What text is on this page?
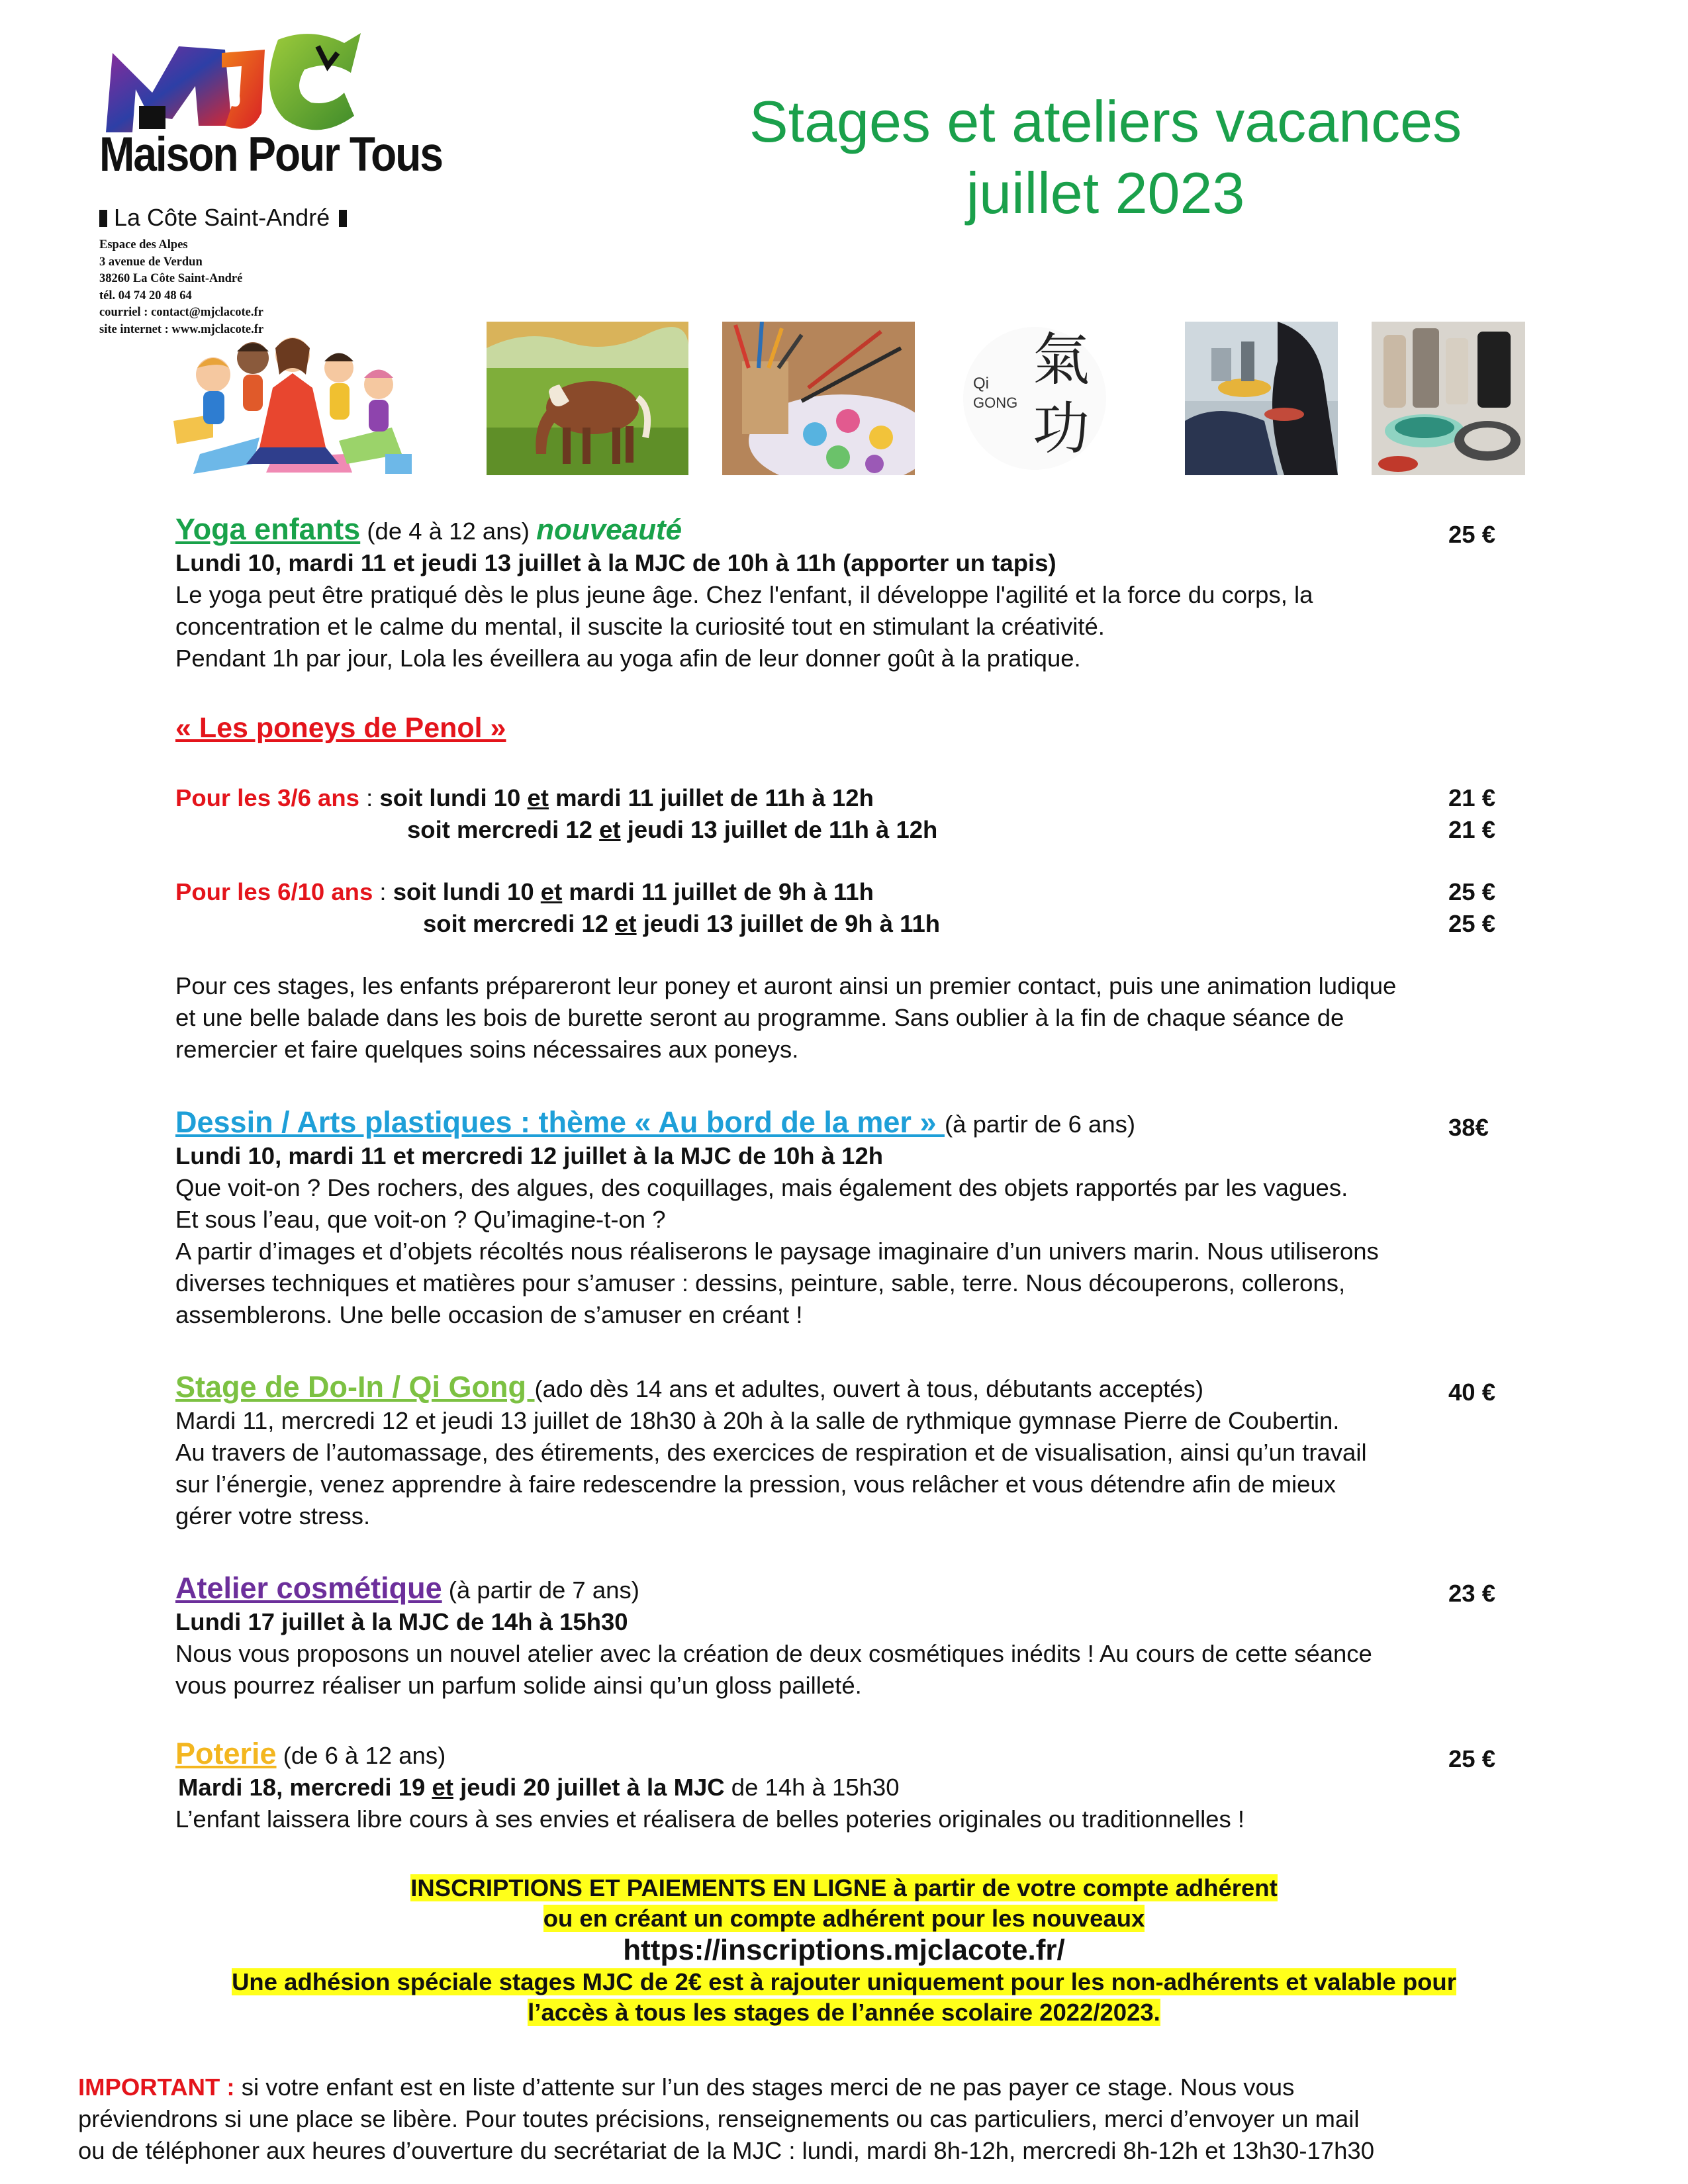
Maison Pour Tous
La Côte Saint-André
Espace des Alpes
3 avenue de Verdun
38260 La Côte Saint-André
tél. 04 74 20 48 64
courriel : contact@mjclacote.fr
site internet : www.mjclacote.fr
Stages et ateliers vacances
juillet 2023
Qi
GONG
氣
功

Yoga enfants (de 4 à 12 ans) nouveauté

Lundi 10, mardi 11 et jeudi 13 juillet à la MJC de 10h à 11h (apporter un tapis)

Le yoga peut être pratiqué dès le plus jeune âge. Chez l'enfant, il développe l'agilité et la force du corps, la

concentration et le calme du mental, il suscite la curiosité tout en stimulant la créativité.

Pendant 1h par jour, Lola les éveillera au yoga afin de leur donner goût à la pratique.

25 €

« Les poneys de Penol »

Pour les 3/6 ans : soit lundi 10 et mardi 11 juillet de 11h à 12h

soit mercredi 12 et jeudi 13 juillet de 11h à 12h

21 €
21 €

Pour les 6/10 ans : soit lundi 10 et mardi 11 juillet de 9h à 11h

soit mercredi 12 et jeudi 13 juillet de 9h à 11h

25 €
25 €

Pour ces stages, les enfants prépareront leur poney et auront ainsi un premier contact, puis une animation ludique

et une belle balade dans les bois de burette seront au programme. Sans oublier à la fin de chaque séance de

remercier et faire quelques soins nécessaires aux poneys.

Dessin / Arts plastiques : thème « Au bord de la mer » (à partir de 6 ans)

Lundi 10, mardi 11 et mercredi 12 juillet à la MJC de 10h à 12h

Que voit-on ? Des rochers, des algues, des coquillages, mais également des objets rapportés par les vagues.

Et sous l’eau, que voit-on ? Qu’imagine-t-on ?

A partir d’images et d’objets récoltés nous réaliserons le paysage imaginaire d’un univers marin. Nous utiliserons

diverses techniques et matières pour s’amuser : dessins, peinture, sable, terre. Nous découperons, collerons,

assemblerons. Une belle occasion de s’amuser en créant !

38€

Stage de Do-In / Qi Gong (ado dès 14 ans et adultes, ouvert à tous, débutants acceptés)

Mardi 11, mercredi 12 et jeudi 13 juillet de 18h30 à 20h à la salle de rythmique gymnase Pierre de Coubertin.

Au travers de l’automassage, des étirements, des exercices de respiration et de visualisation, ainsi qu’un travail

sur l’énergie, venez apprendre à faire redescendre la pression, vous relâcher et vous détendre afin de mieux

gérer votre stress.

40 €

Atelier cosmétique (à partir de 7 ans)

Lundi 17 juillet à la MJC de 14h à 15h30

Nous vous proposons un nouvel atelier avec la création de deux cosmétiques inédits ! Au cours de cette séance

vous pourrez réaliser un parfum solide ainsi qu’un gloss pailleté.

23 €

Poterie (de 6 à 12 ans)

Mardi 18, mercredi 19 et jeudi 20 juillet à la MJC de 14h à 15h30

L’enfant laissera libre cours à ses envies et réalisera de belles poteries originales ou traditionnelles !

25 €
INSCRIPTIONS ET PAIEMENTS EN LIGNE à partir de votre compte adhérent
ou en créant un compte adhérent pour les nouveaux
https://inscriptions.mjclacote.fr/
Une adhésion spéciale stages MJC de 2€ est à rajouter uniquement pour les non-adhérents et valable pour
l’accès à tous les stages de l’année scolaire 2022/2023.
IMPORTANT : si votre enfant est en liste d’attente sur l’un des stages merci de ne pas payer ce stage. Nous vous
préviendrons si une place se libère. Pour toutes précisions, renseignements ou cas particuliers, merci d’envoyer un mail
ou de téléphoner aux heures d’ouverture du secrétariat de la MJC : lundi, mardi 8h-12h, mercredi 8h-12h et 13h30-17h30
